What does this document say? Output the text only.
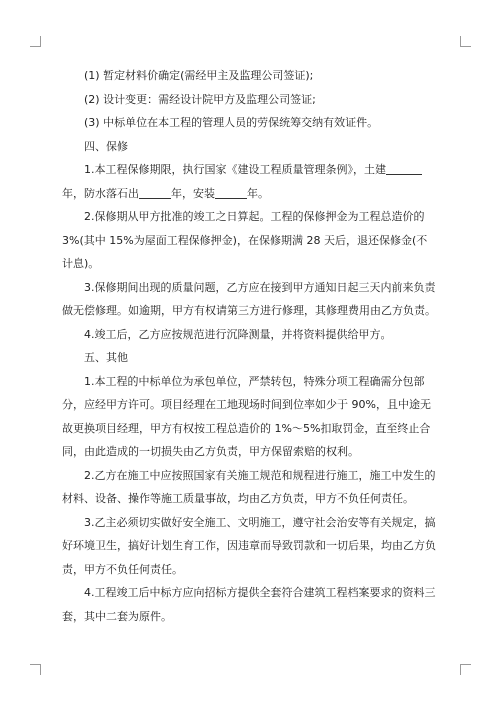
(1) 暂定材料价确定(需经甲主及监理公司签证);

(2) 设计变更：需经设计院甲方及监理公司签证;

(3) 中标单位在本工程的管理人员的劳保统筹交纳有效证件。

四、保修

1.本工程保修期限，执行国家《建设工程质量管理条例》，土建年，防水落石出	年，安装	年。

2.保修期从甲方批准的竣工之日算起。工程的保修押金为工程总造价的 3%(其中 15%为屋面工程保修押金)，在保修期满 28 天后，退还保修金(不计息)。

3.保修期间出现的质量问题，乙方应在接到甲方通知日起三天内前来负责做无偿修理。如逾期，甲方有权请第三方进行修理，其修理费用由乙方负责。

4.竣工后，乙方应按规范进行沉降测量，并将资料提供给甲方。

五、其他

1.本工程的中标单位为承包单位，严禁转包，特殊分项工程确需分包部分，应经甲方许可。项目经理在工地现场时间到位率如少于 90%，且中途无故更换项目经理，甲方有权按工程总造价的 1%～5%扣取罚金，直至终止合同，由此造成的一切损失由乙方负责，甲方保留索赔的权利。

2.乙方在施工中应按照国家有关施工规范和规程进行施工，施工中发生的材料、设备、操作等施工质量事故，均由乙方负责，甲方不负任何责任。

3.乙主必须切实做好安全施工、文明施工，遵守社会治安等有关规定，搞好环境卫生，搞好计划生育工作，因违章而导致罚款和一切后果，均由乙方负责，甲方不负任何责任。

4.工程竣工后中标方应向招标方提供全套符合建筑工程档案要求的资料三套，其中二套为原件。
